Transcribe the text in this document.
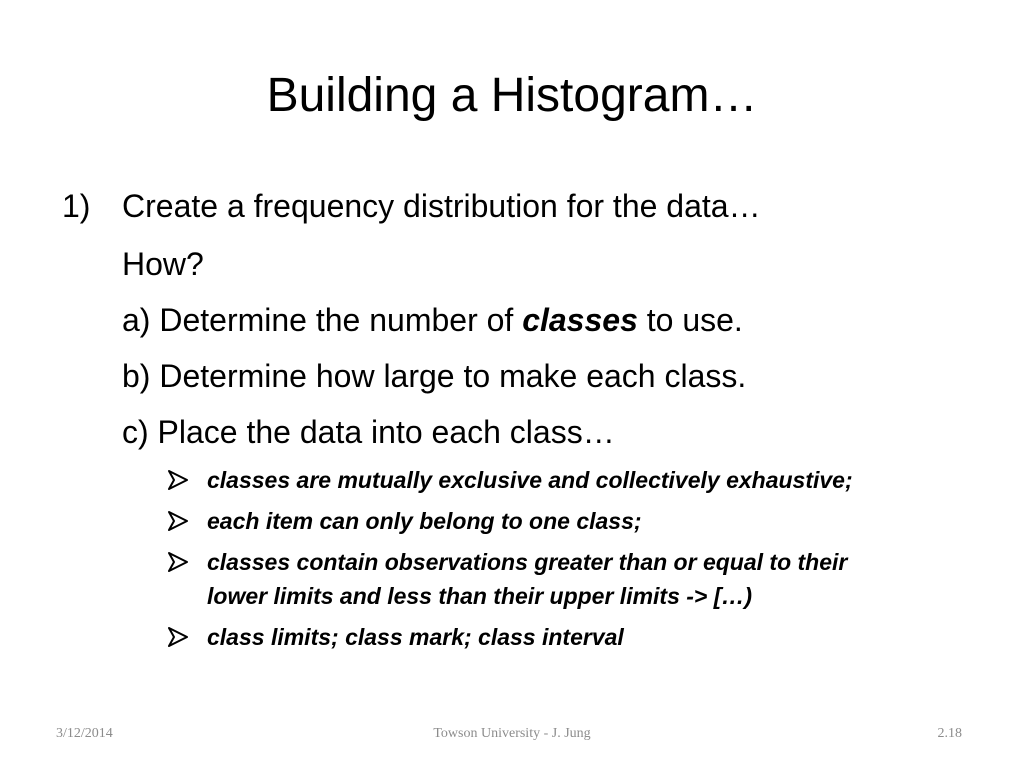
Building a Histogram…
1) Create a frequency distribution for the data…
How?
a) Determine the number of classes to use.
b) Determine how large to make each class.
c) Place the data into each class…
classes are mutually exclusive and collectively exhaustive;
each item can only belong to one class;
classes contain observations greater than or equal to their
lower limits and less than their upper limits -> […)
class limits; class mark; class interval
3/12/2014	Towson University - J. Jung	2.18
